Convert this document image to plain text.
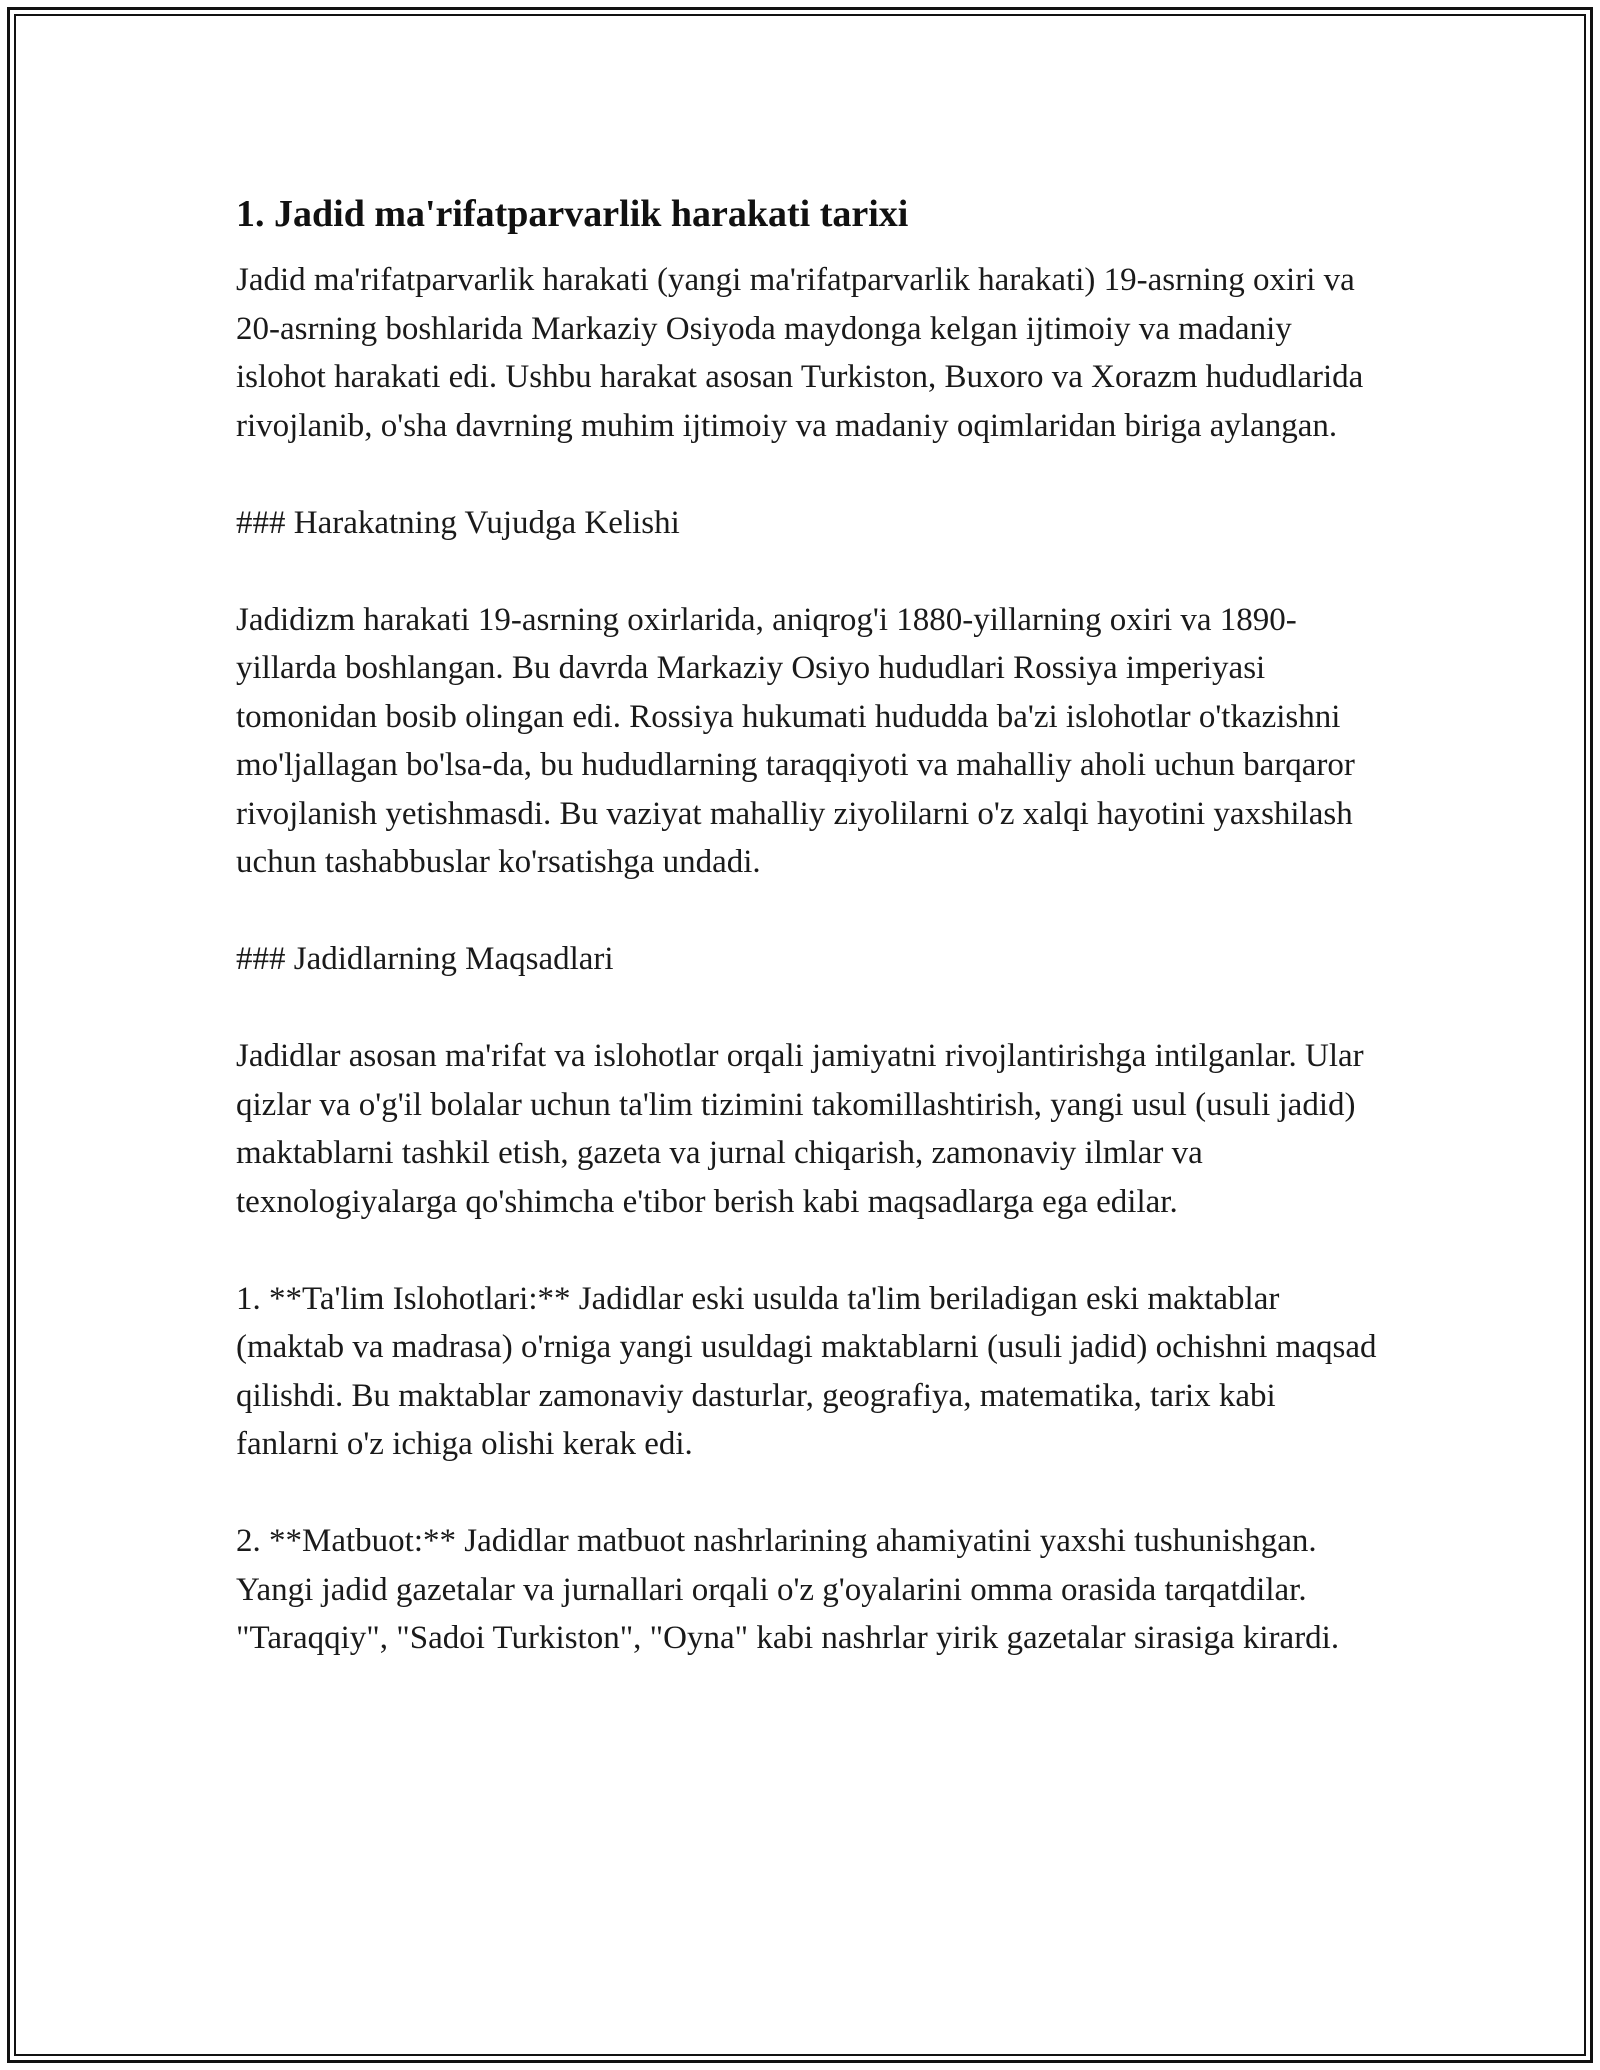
1. Jadid ma'rifatparvarlik harakati tarixi

Jadid ma'rifatparvarlik harakati (yangi ma'rifatparvarlik harakati) 19-asrning oxiri va 20-asrning boshlarida Markaziy Osiyoda maydonga kelgan ijtimoiy va madaniy islohot harakati edi. Ushbu harakat asosan Turkiston, Buxoro va Xorazm hududlarida rivojlanib, o'sha davrning muhim ijtimoiy va madaniy oqimlaridan biriga aylangan.

### Harakatning Vujudga Kelishi

Jadidizm harakati 19-asrning oxirlarida, aniqrog'i 1880-yillarning oxiri va 1890-yillarda boshlangan. Bu davrda Markaziy Osiyo hududlari Rossiya imperiyasi tomonidan bosib olingan edi. Rossiya hukumati hududda ba'zi islohotlar o'tkazishni mo'ljallagan bo'lsa-da, bu hududlarning taraqqiyoti va mahalliy aholi uchun barqaror rivojlanish yetishmasdi. Bu vaziyat mahalliy ziyolilarni o'z xalqi hayotini yaxshilash uchun tashabbuslar ko'rsatishga undadi.

### Jadidlarning Maqsadlari

Jadidlar asosan ma'rifat va islohotlar orqali jamiyatni rivojlantirishga intilganlar. Ular qizlar va o'g'il bolalar uchun ta'lim tizimini takomillashtirish, yangi usul (usuli jadid) maktablarni tashkil etish, gazeta va jurnal chiqarish, zamonaviy ilmlar va texnologiyalarga qo'shimcha e'tibor berish kabi maqsadlarga ega edilar.

1. **Ta'lim Islohotlari:** Jadidlar eski usulda ta'lim beriladigan eski maktablar (maktab va madrasa) o'rniga yangi usuldagi maktablarni (usuli jadid) ochishni maqsad qilishdi. Bu maktablar zamonaviy dasturlar, geografiya, matematika, tarix kabi fanlarni o'z ichiga olishi kerak edi.

2. **Matbuot:** Jadidlar matbuot nashrlarining ahamiyatini yaxshi tushunishgan. Yangi jadid gazetalar va jurnallari orqali o'z g'oyalarini omma orasida tarqatdilar. "Taraqqiy", "Sadoi Turkiston", "Oyna" kabi nashrlar yirik gazetalar sirasiga kirardi.
